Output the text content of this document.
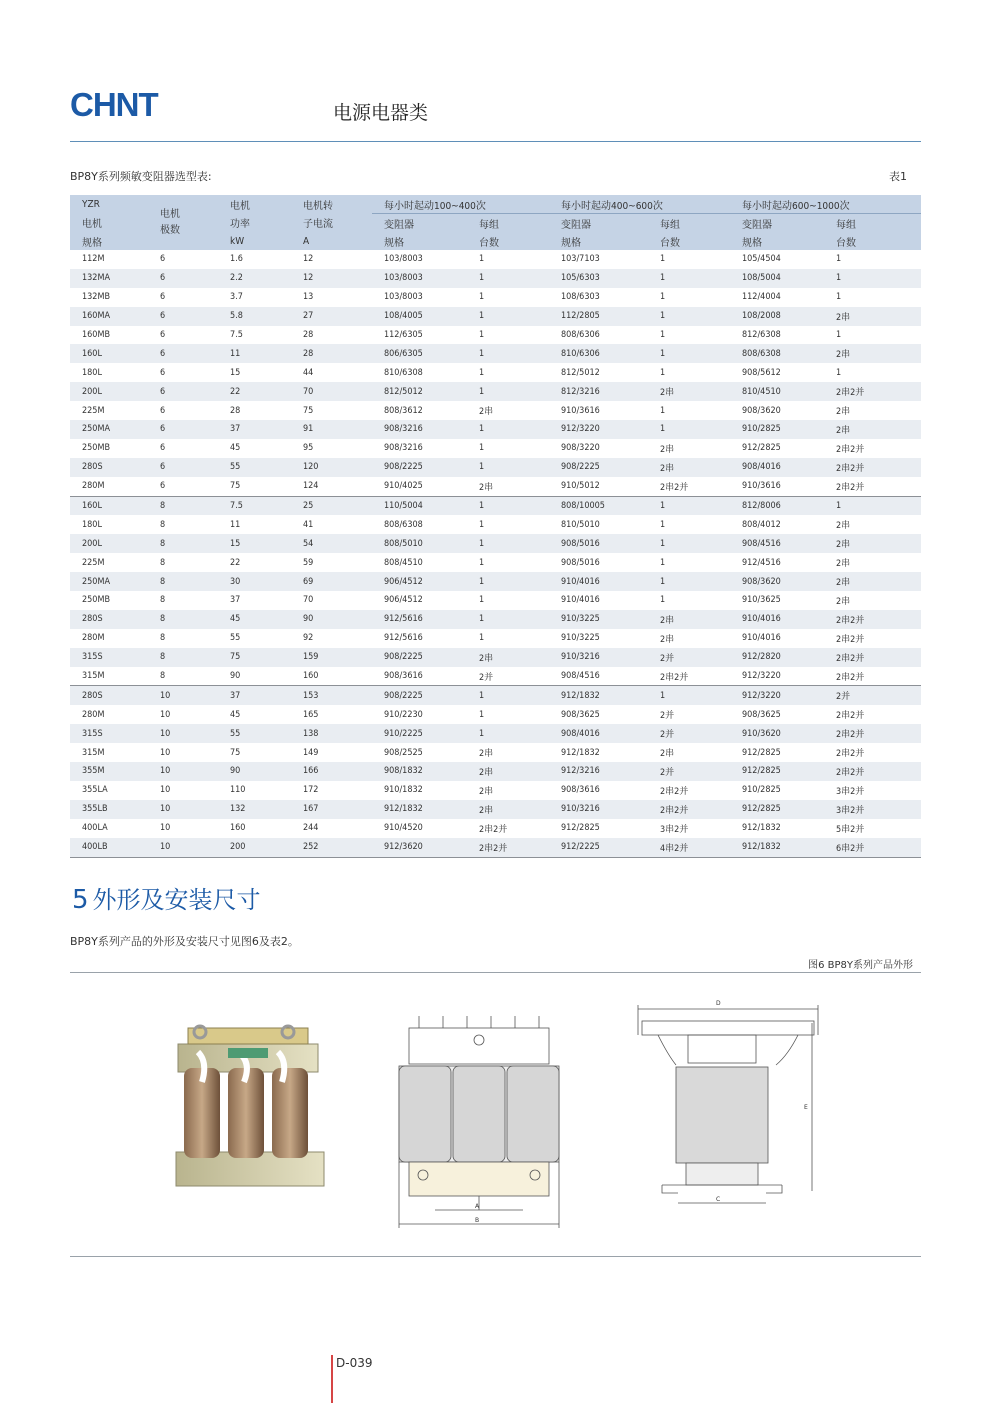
CHNT	电源电器类
BP8Y系列频敏变阻器选型表:	表1
YZR	电机极数	电机	电机转	每小时起动100~400次		每小时起动400~600次		每小时起动600~1000次	
电机		功率	子电流	变阻器	每组	变阻器	每组	变阻器	每组
规格		kW	A	规格	台数	规格	台数	规格	台数
112M	6	1.6	12	103/8003	1	103/7103	1	105/4504	1
132MA	6	2.2	12	103/8003	1	105/6303	1	108/5004	1
132MB	6	3.7	13	103/8003	1	108/6303	1	112/4004	1
160MA	6	5.8	27	108/4005	1	112/2805	1	108/2008	2串
160MB	6	7.5	28	112/6305	1	808/6306	1	812/6308	1
160L	6	11	28	806/6305	1	810/6306	1	808/6308	2串
180L	6	15	44	810/6308	1	812/5012	1	908/5612	1
200L	6	22	70	812/5012	1	812/3216	2串	810/4510	2串2并
225M	6	28	75	808/3612	2串	910/3616	1	908/3620	2串
250MA	6	37	91	908/3216	1	912/3220	1	910/2825	2串
250MB	6	45	95	908/3216	1	908/3220	2串	912/2825	2串2并
280S	6	55	120	908/2225	1	908/2225	2串	908/4016	2串2并
280M	6	75	124	910/4025	2串	910/5012	2串2并	910/3616	2串2并
160L	8	7.5	25	110/5004	1	808/10005	1	812/8006	1
180L	8	11	41	808/6308	1	810/5010	1	808/4012	2串
200L	8	15	54	808/5010	1	908/5016	1	908/4516	2串
225M	8	22	59	808/4510	1	908/5016	1	912/4516	2串
250MA	8	30	69	906/4512	1	910/4016	1	908/3620	2串
250MB	8	37	70	906/4512	1	910/4016	1	910/3625	2串
280S	8	45	90	912/5616	1	910/3225	2串	910/4016	2串2并
280M	8	55	92	912/5616	1	910/3225	2串	910/4016	2串2并
315S	8	75	159	908/2225	2串	910/3216	2并	912/2820	2串2并
315M	8	90	160	908/3616	2并	908/4516	2串2并	912/3220	2串2并
280S	10	37	153	908/2225	1	912/1832	1	912/3220	2并
280M	10	45	165	910/2230	1	908/3625	2并	908/3625	2串2并
315S	10	55	138	910/2225	1	908/4016	2并	910/3620	2串2并
315M	10	75	149	908/2525	2串	912/1832	2串	912/2825	2串2并
355M	10	90	166	908/1832	2串	912/3216	2并	912/2825	2串2并
355LA	10	110	172	910/1832	2串	908/3616	2串2并	910/2825	3串2并
355LB	10	132	167	912/1832	2串	910/3216	2串2并	912/2825	3串2并
400LA	10	160	244	910/4520	2串2并	912/2825	3串2并	912/1832	5串2并
400LB	10	200	252	912/3620	2串2并	912/2225	4串2并	912/1832	6串2并
5 外形及安装尺寸
BP8Y系列产品的外形及安装尺寸见图6及表2。
图6 BP8Y系列产品外形
A
B
D
E
C
D-039
